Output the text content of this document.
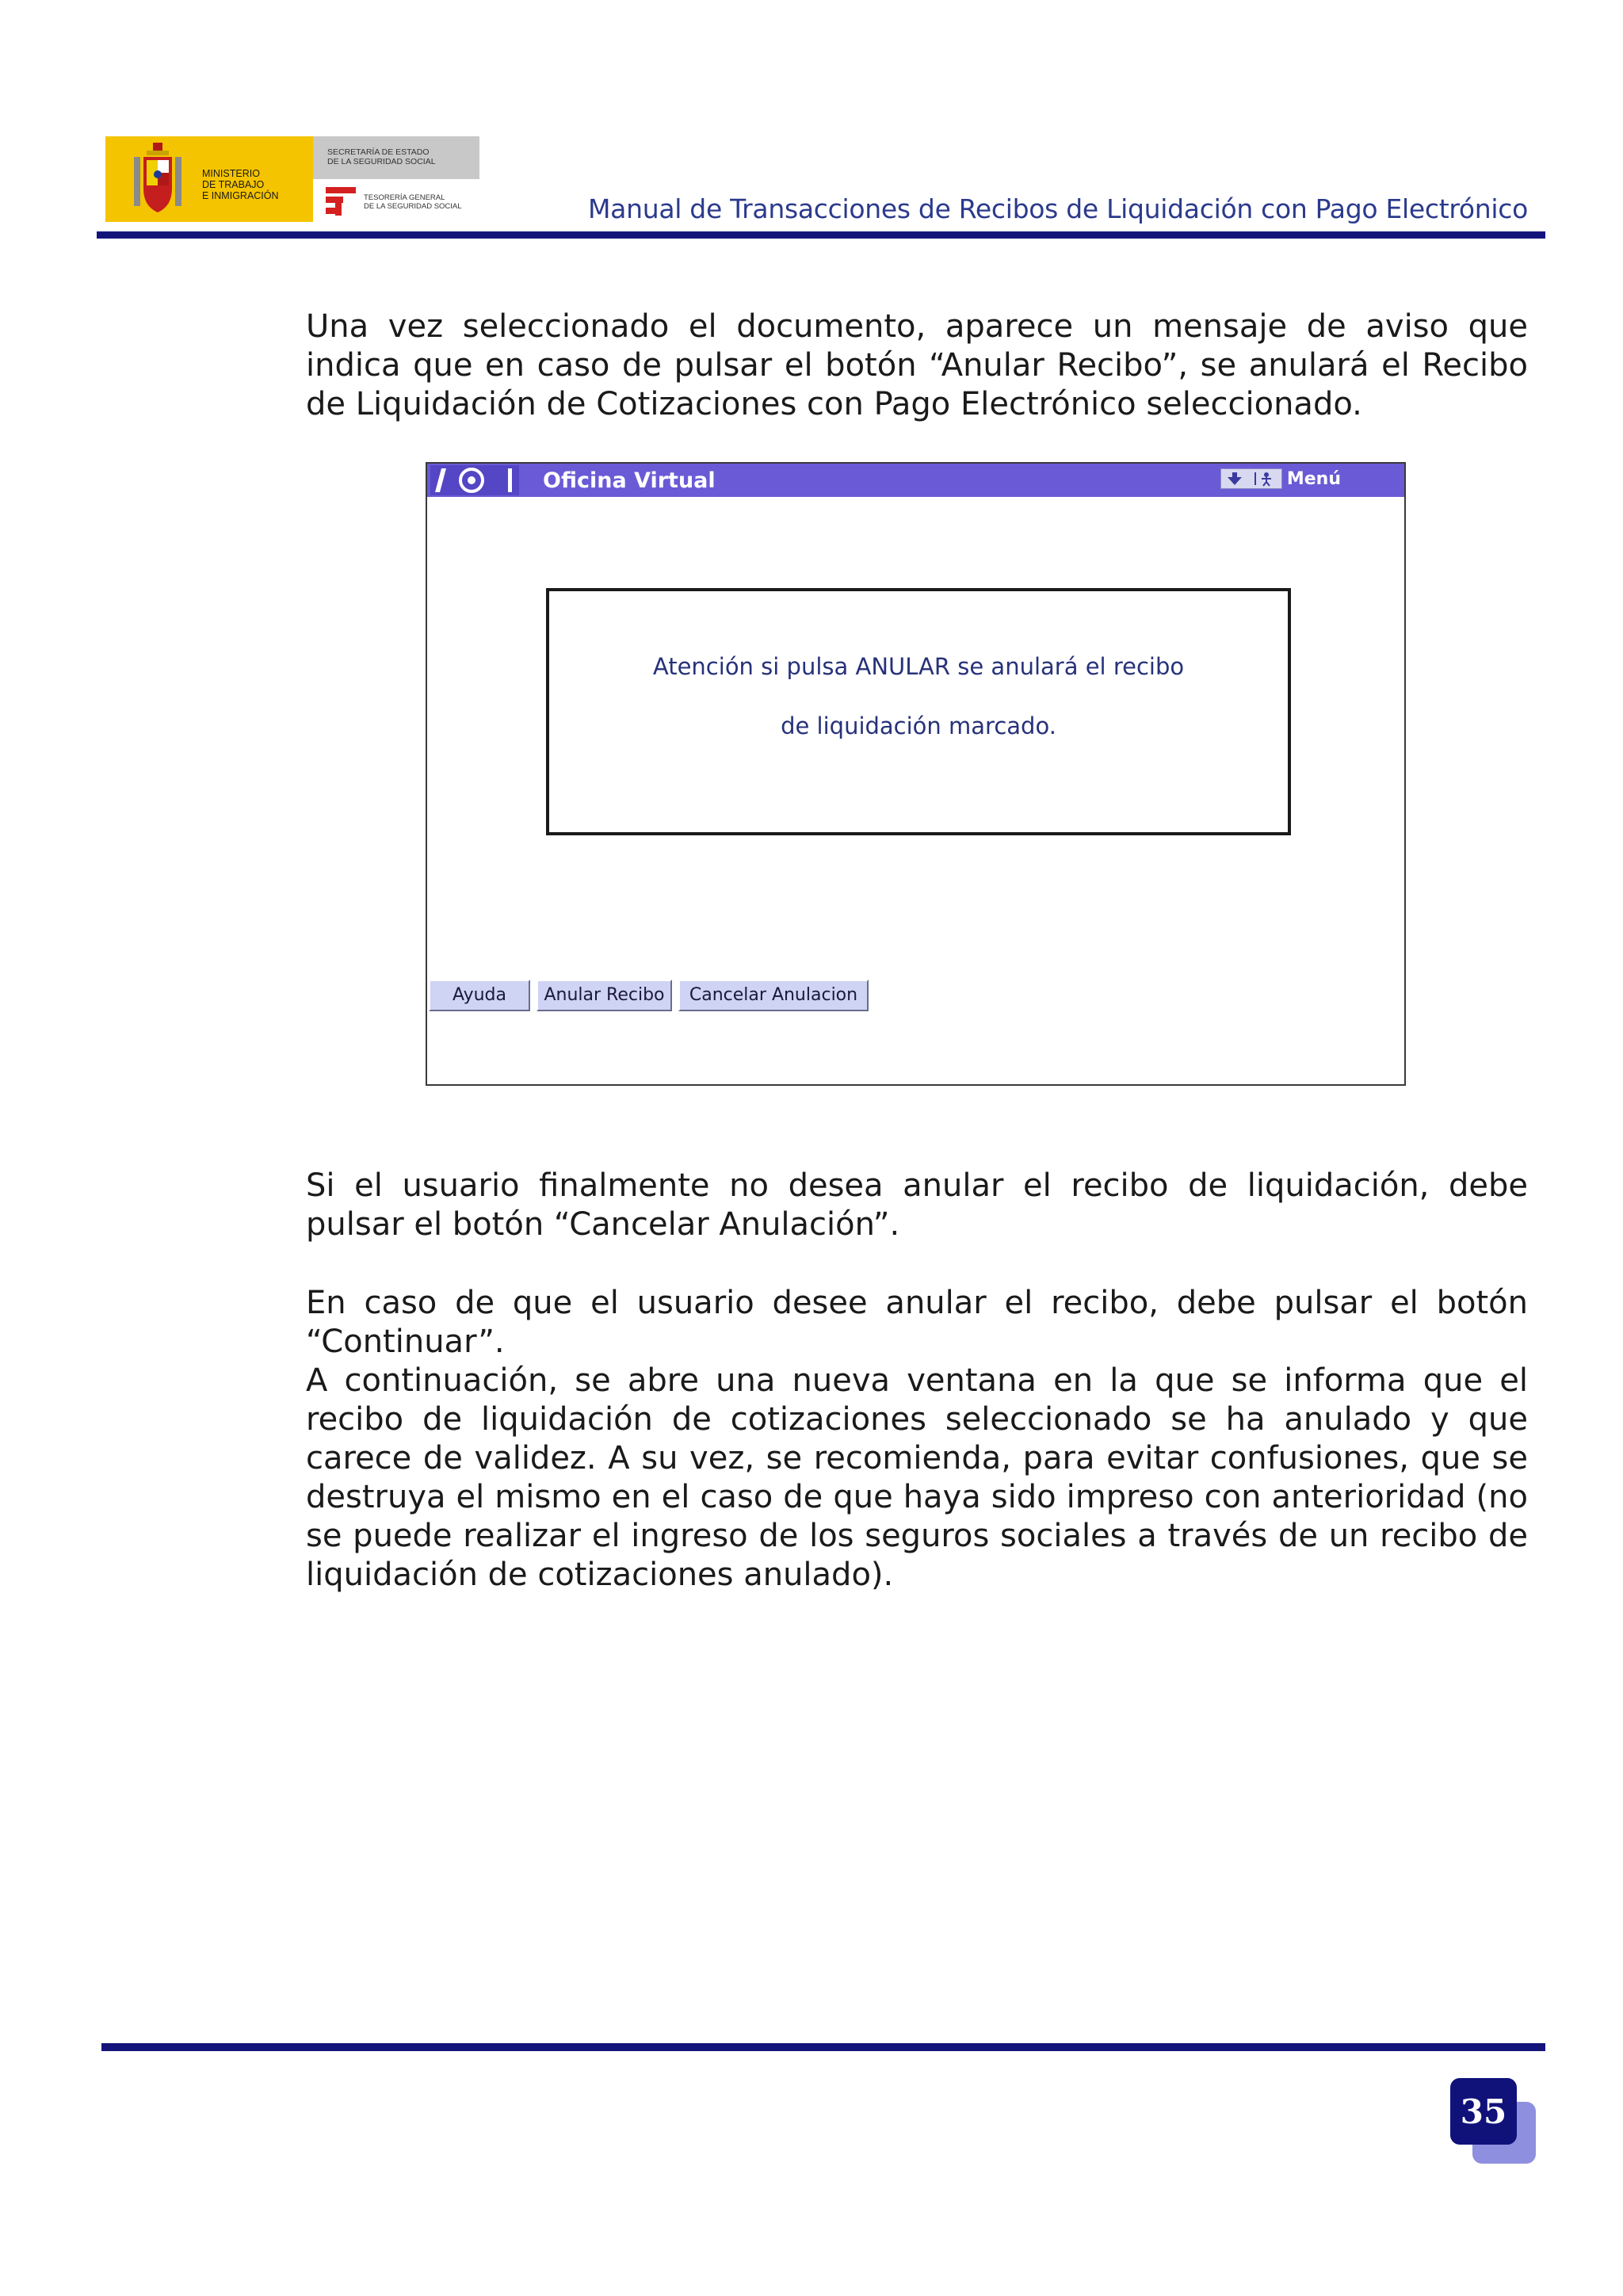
MINISTERIO
DE TRABAJO
E INMIGRACIÓN
SECRETARÍA DE ESTADO
DE LA SEGURIDAD SOCIAL
TESORERÍA GENERAL
DE LA SEGURIDAD SOCIAL	Manual de Transacciones de Recibos de Liquidación con Pago Electrónico

Una vez seleccionado el documento, aparece un mensaje de aviso que indica que en caso de pulsar el botón “Anular Recibo”, se anulará el Recibo de Liquidación de Cotizaciones con Pago Electrónico seleccionado.

Oficina Virtual	Menú
Atención si pulsa ANULAR se anulará el recibo
de liquidación marcado.
Ayuda	Anular Recibo	Cancelar Anulacion

Si el usuario finalmente no desea anular el recibo de liquidación, debe pulsar el botón “Cancelar Anulación”.

En caso de que el usuario desee anular el recibo, debe pulsar el botón “Continuar”.

A continuación, se abre una nueva ventana en la que se informa que el recibo de liquidación de cotizaciones seleccionado se ha anulado y que carece de validez. A su vez, se recomienda, para evitar confusiones, que se destruya el mismo en el caso de que haya sido impreso con anterioridad (no se puede realizar el ingreso de los seguros sociales a través de un recibo de liquidación de cotizaciones anulado).

35
